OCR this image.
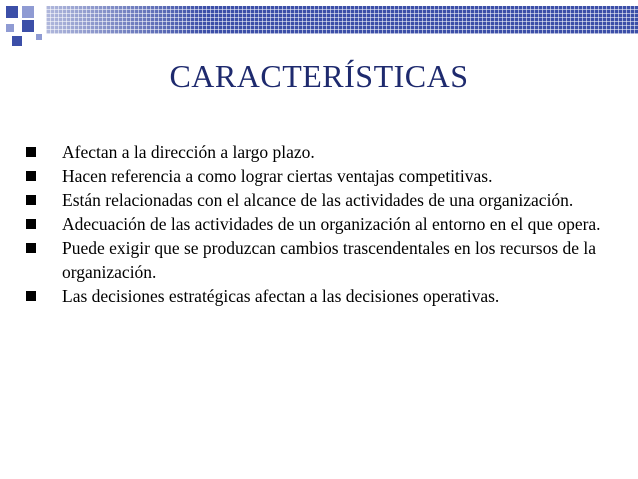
CARACTERÍSTICAS
Afectan a la dirección a largo plazo.
Hacen referencia a como lograr ciertas ventajas competitivas.
Están relacionadas con el alcance de las actividades de una organización.
Adecuación de las actividades de un organización al entorno en el que opera.
Puede exigir que se produzcan cambios trascendentales en los recursos de la organización.
Las decisiones estratégicas afectan a las decisiones operativas.
